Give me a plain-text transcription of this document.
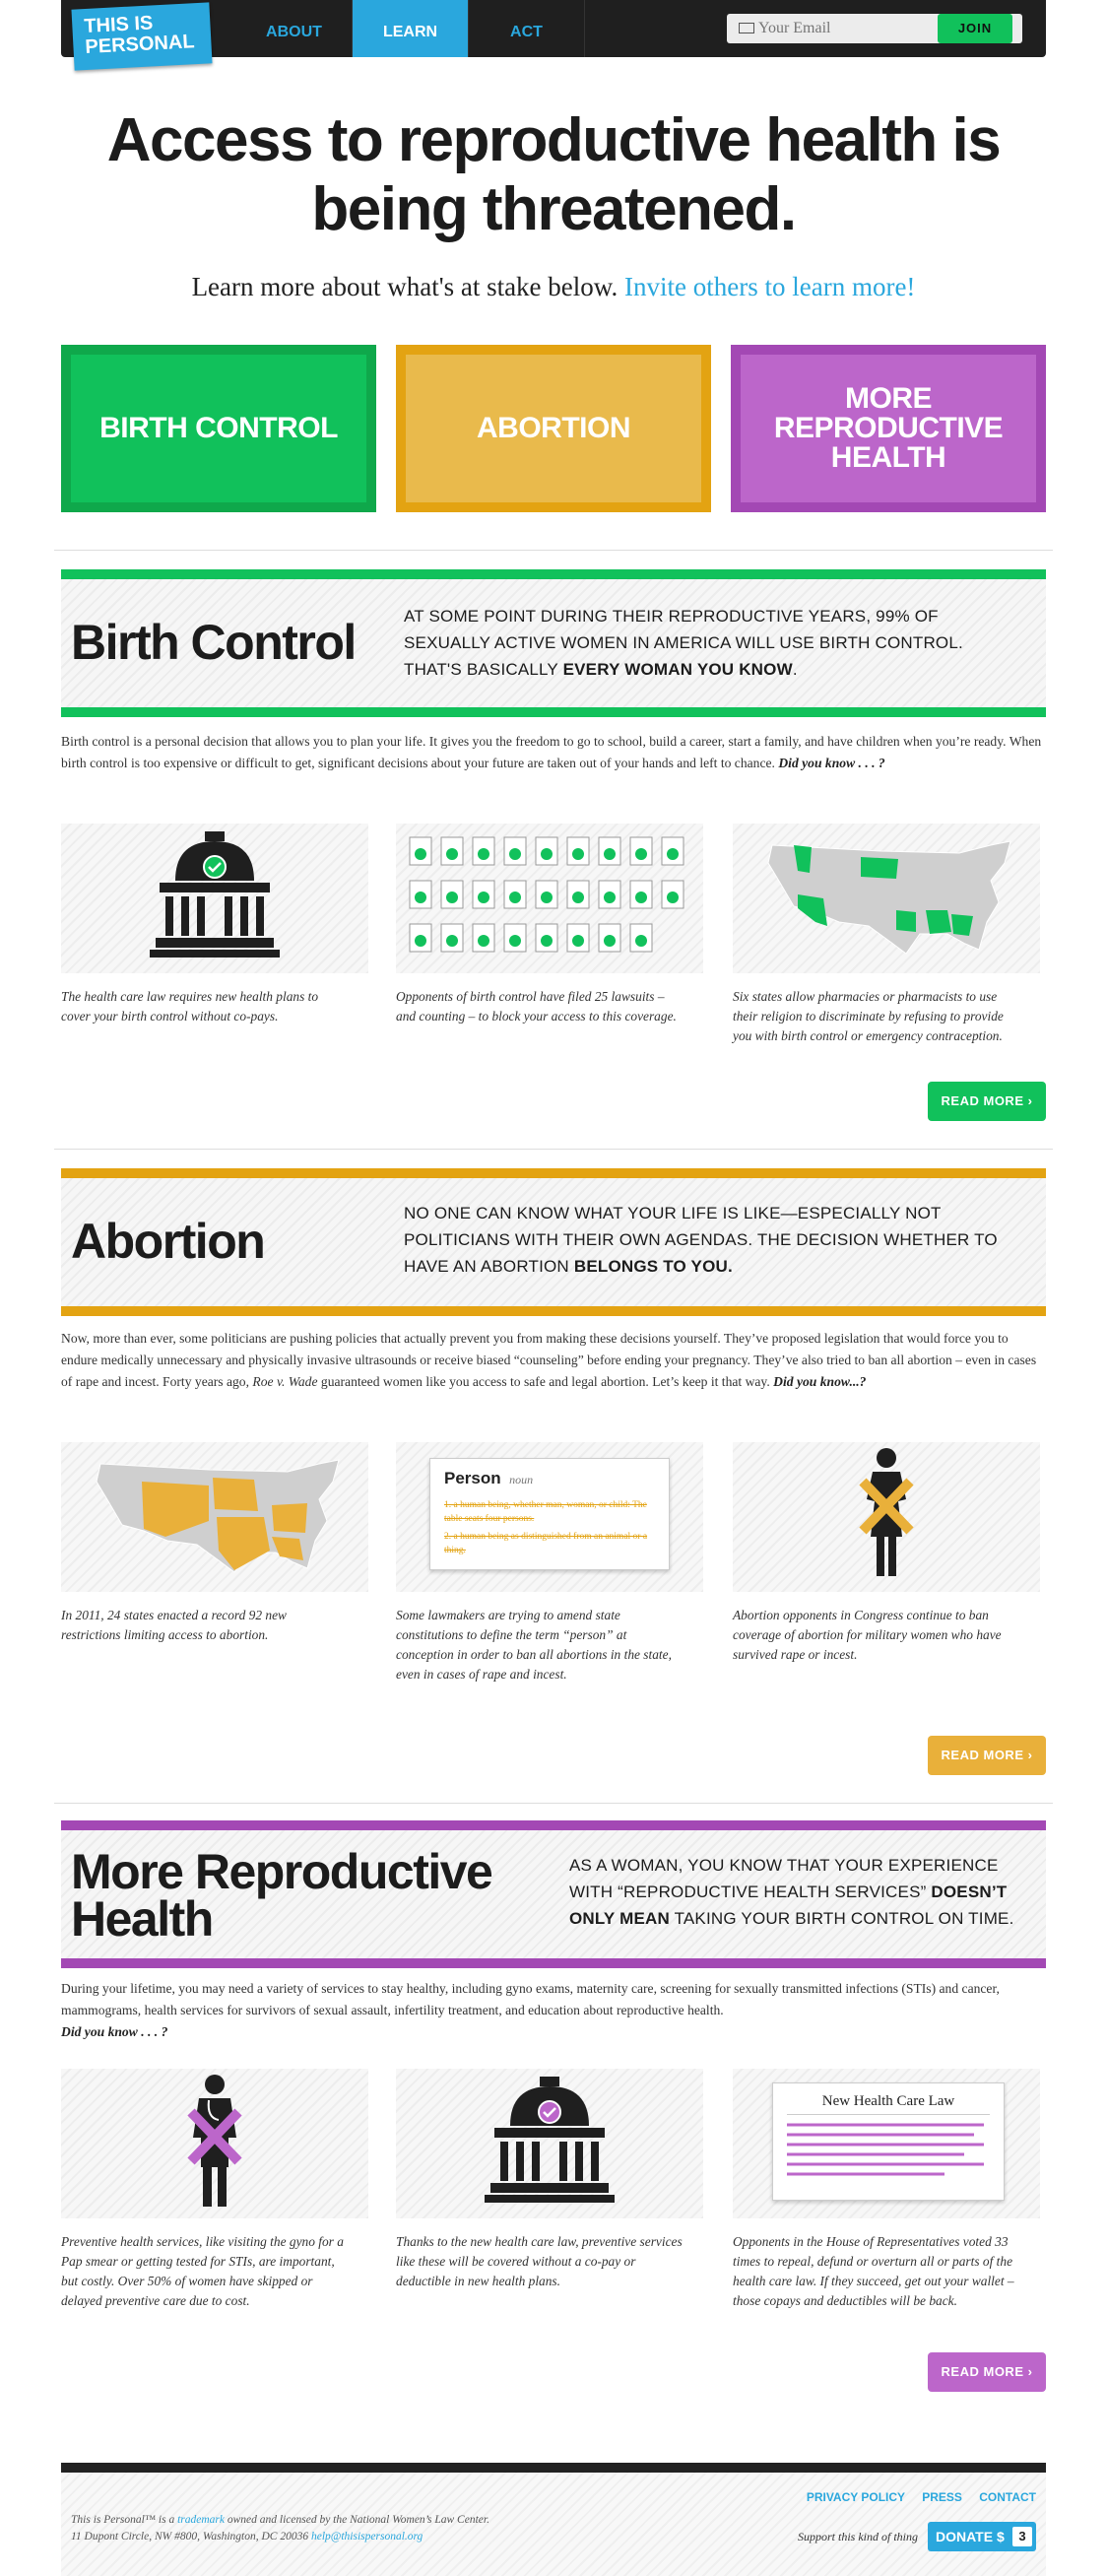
THIS IS PERSONAL	ABOUT	LEARN	ACT
Your Email	JOIN
Access to reproductive health is being threatened.
Learn more about what's at stake below. Invite others to learn more!
BIRTH CONTROL	ABORTION
MORE REPRODUCTIVE HEALTH
Birth Control	AT SOME POINT DURING THEIR REPRODUCTIVE YEARS, 99% OF SEXUALLY ACTIVE WOMEN IN AMERICA WILL USE BIRTH CONTROL. THAT'S BASICALLY EVERY WOMAN YOU KNOW.
Birth control is a personal decision that allows you to plan your life. It gives you the freedom to go to school, build a career, start a family, and have children when you’re ready. When birth control is too expensive or difficult to get, significant decisions about your future are taken out of your hands and left to chance. Did you know . . . ?
The health care law requires new health plans to cover your birth control without co-pays.
Opponents of birth control have filed 25 lawsuits – and counting – to block your access to this coverage.
Six states allow pharmacies or pharmacists to use their religion to discriminate by refusing to provide you with birth control or emergency contraception.
READ MORE ›
Abortion
NO ONE CAN KNOW WHAT YOUR LIFE IS LIKE—ESPECIALLY NOT POLITICIANS WITH THEIR OWN AGENDAS. THE DECISION WHETHER TO HAVE AN ABORTION BELONGS TO YOU.
Now, more than ever, some politicians are pushing policies that actually prevent you from making these decisions yourself. They’ve proposed legislation that would force you to endure medically unnecessary and physically invasive ultrasounds or receive biased “counseling” before ending your pregnancy. They’ve also tried to ban all abortion – even in cases of rape and incest. Forty years ago, Roe v. Wade guaranteed women like you access to safe and legal abortion. Let’s keep it that way. Did you know...?
In 2011, 24 states enacted a record 92 new restrictions limiting access to abortion.
Person noun
1. a human being, whether man, woman, or child: The table seats four persons.
2. a human being as distinguished from an animal or a thing.
Some lawmakers are trying to amend state constitutions to define the term “person” at conception in order to ban all abortions in the state, even in cases of rape and incest.
Abortion opponents in Congress continue to ban coverage of abortion for military women who have survived rape or incest.
READ MORE ›
More Reproductive Health
AS A WOMAN, YOU KNOW THAT YOUR EXPERIENCE WITH “REPRODUCTIVE HEALTH SERVICES” DOESN’T ONLY MEAN TAKING YOUR BIRTH CONTROL ON TIME.
During your lifetime, you may need a variety of services to stay healthy, including gyno exams, maternity care, screening for sexually transmitted infections (STIs) and cancer, mammograms, health services for survivors of sexual assault, infertility treatment, and education about reproductive health.
Did you know . . . ?
Preventive health services, like visiting the gyno for a Pap smear or getting tested for STIs, are important, but costly. Over 50% of women have skipped or delayed preventive care due to cost.
Thanks to the new health care law, preventive services like these will be covered without a co-pay or deductible in new health plans.
New Health Care Law
Opponents in the House of Representatives voted 33 times to repeal, defund or overturn all or parts of the health care law. If they succeed, get out your wallet – those copays and deductibles will be back.
READ MORE ›
PRIVACY POLICY PRESS CONTACT
This is Personal™ is a trademark owned and licensed by the National Women’s Law Center.
11 Dupont Circle, NW #800, Washington, DC 20036 help@thisispersonal.org	Support this kind of thing	DONATE $	3
